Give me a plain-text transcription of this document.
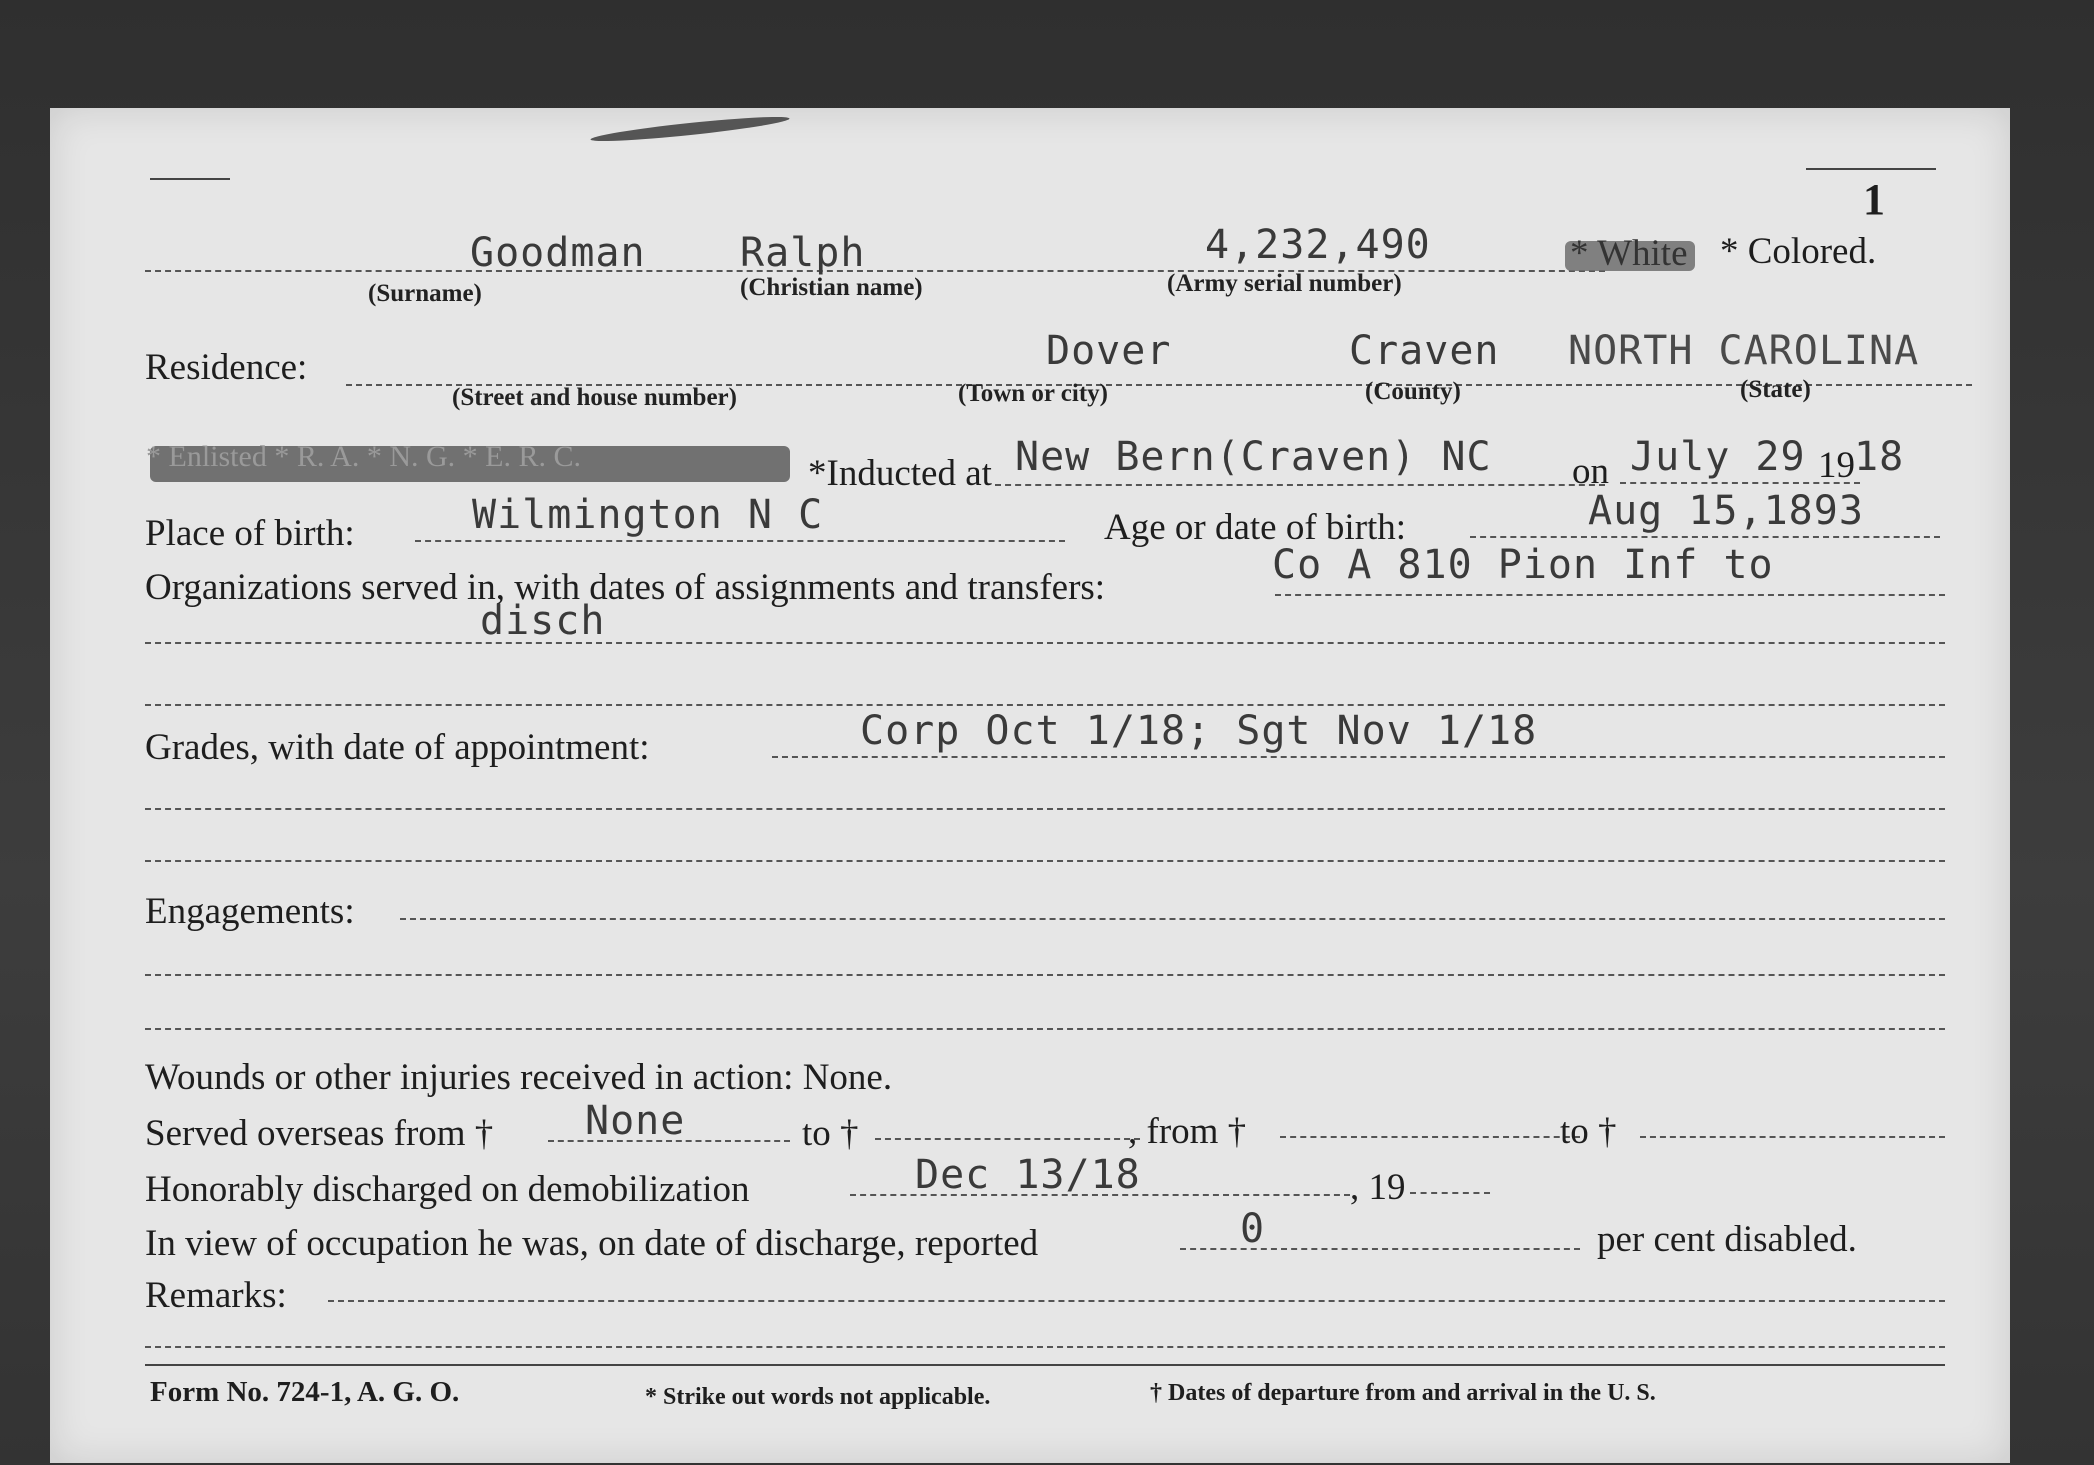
1
Goodman Ralph	4,232,490	* White * Colored.
(Surname)	(Christian name)	(Army serial number)
Residence:	Dover	Craven NORTH CAROLINA
(Street and house number)	(Town or city)	(County)	(State)
* Enlisted * R. A. * N. G. * E. R. C.	*Inducted at New Bern(Craven) NC on July 29 19 18
Place of birth:	Wilmington N C	Age or date of birth:	Aug 15,1893
Organizations served in, with dates of assignments and transfers:	Co A 810 Pion Inf to
disch
Grades, with date of appointment:	Corp Oct 1/18; Sgt Nov 1/18
Engagements:
Wounds or other injuries received in action: None.
Served overseas from † None	to †	, from †	to †
Honorably discharged on demobilization	Dec 13/18	, 19
In view of occupation he was, on date of discharge, reported	0	per cent disabled.
Remarks:
Form No. 724-1, A. G. O.	* Strike out words not applicable.	† Dates of departure from and arrival in the U. S.
